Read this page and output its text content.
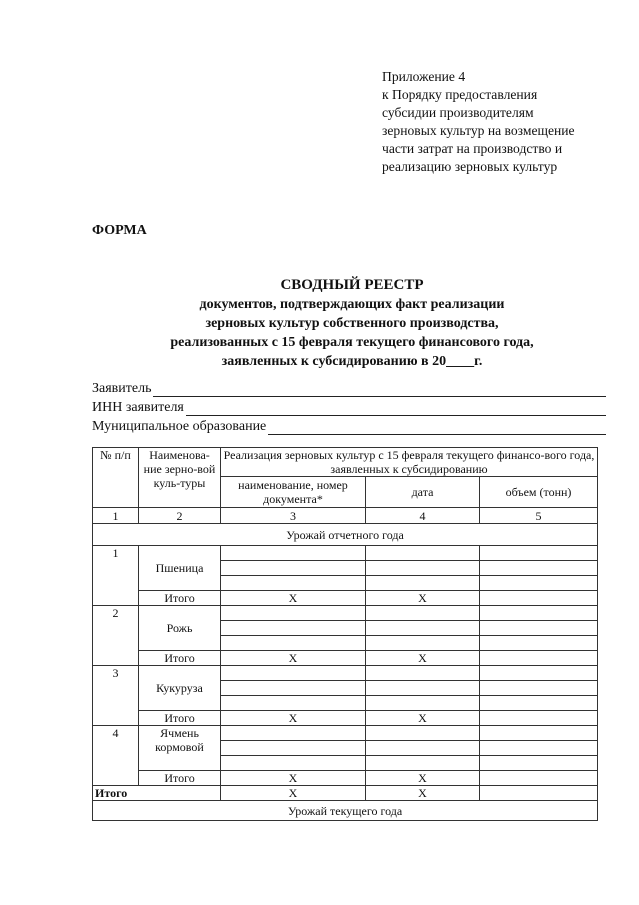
Приложение 4
к Порядку предоставления
субсидии производителям
зерновых культур на возмещение
части затрат на производство и
реализацию зерновых культур
ФОРМА
СВОДНЫЙ РЕЕСТР
документов, подтверждающих факт реализации
зерновых культур собственного производства,
реализованных с 15 февраля текущего финансового года,
заявленных к субсидированию в 20____г.
Заявитель
ИНН заявителя
Муниципальное образование
№ п/п	Наименова-ние зерно-вой куль-туры	Реализация зерновых культур с 15 февраля текущего финансо-вого года, заявленных к субсидированию		
		наименование, номер документа*	дата	объем (тонн)
1	2	3	4	5
Урожай отчетного года				
1	Пшеница			

	Итого	X	X	
2	Рожь			

	Итого	X	X	
3	Кукуруза			

	Итого	X	X	
4	Ячмень кормовой			

	Итого	X	X	
Итого		X	X	
Урожай текущего года				
